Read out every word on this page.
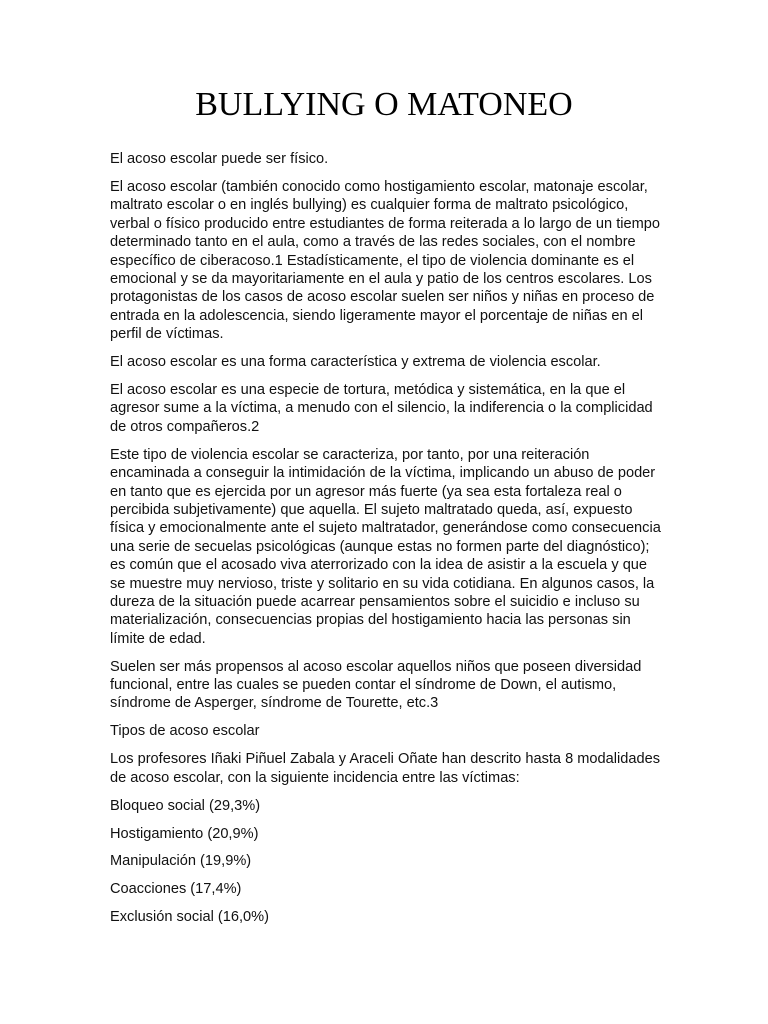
BULLYING O MATONEO

El acoso escolar puede ser físico.

El acoso escolar (también conocido como hostigamiento escolar, matonaje escolar, maltrato escolar o en inglés bullying) es cualquier forma de maltrato psicológico, verbal o físico producido entre estudiantes de forma reiterada a lo largo de un tiempo determinado tanto en el aula, como a través de las redes sociales, con el nombre específico de ciberacoso.1 Estadísticamente, el tipo de violencia dominante es el emocional y se da mayoritariamente en el aula y patio de los centros escolares. Los protagonistas de los casos de acoso escolar suelen ser niños y niñas en proceso de entrada en la adolescencia, siendo ligeramente mayor el porcentaje de niñas en el perfil de víctimas.

El acoso escolar es una forma característica y extrema de violencia escolar.

El acoso escolar es una especie de tortura, metódica y sistemática, en la que el agresor sume a la víctima, a menudo con el silencio, la indiferencia o la complicidad de otros compañeros.2

Este tipo de violencia escolar se caracteriza, por tanto, por una reiteración encaminada a conseguir la intimidación de la víctima, implicando un abuso de poder en tanto que es ejercida por un agresor más fuerte (ya sea esta fortaleza real o percibida subjetivamente) que aquella. El sujeto maltratado queda, así, expuesto física y emocionalmente ante el sujeto maltratador, generándose como consecuencia una serie de secuelas psicológicas (aunque estas no formen parte del diagnóstico); es común que el acosado viva aterrorizado con la idea de asistir a la escuela y que se muestre muy nervioso, triste y solitario en su vida cotidiana. En algunos casos, la dureza de la situación puede acarrear pensamientos sobre el suicidio e incluso su materialización, consecuencias propias del hostigamiento hacia las personas sin límite de edad.

Suelen ser más propensos al acoso escolar aquellos niños que poseen diversidad funcional, entre las cuales se pueden contar el síndrome de Down, el autismo, síndrome de Asperger, síndrome de Tourette, etc.3

Tipos de acoso escolar

Los profesores Iñaki Piñuel Zabala y Araceli Oñate han descrito hasta 8 modalidades de acoso escolar, con la siguiente incidencia entre las víctimas:

Bloqueo social (29,3%)

Hostigamiento (20,9%)

Manipulación (19,9%)

Coacciones (17,4%)

Exclusión social (16,0%)
